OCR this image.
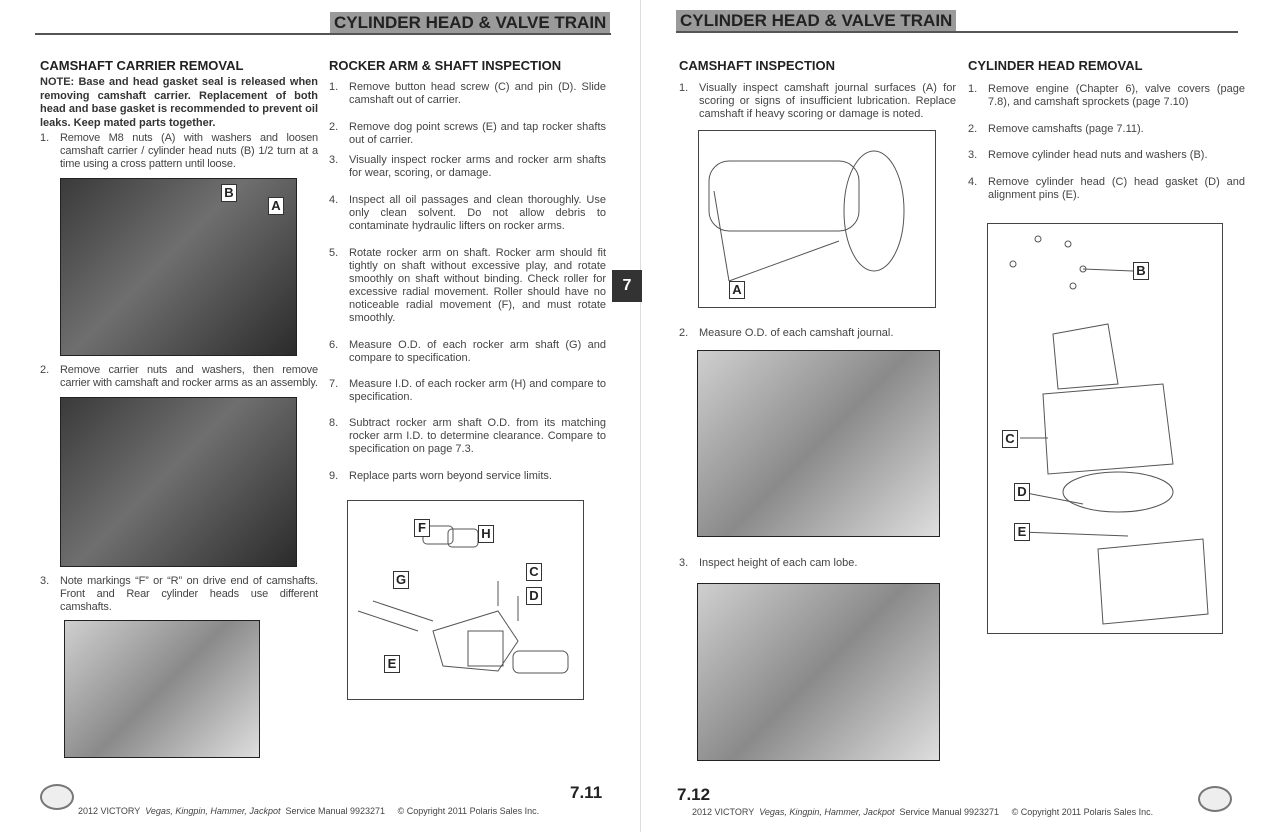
CYLINDER HEAD & VALVE TRAIN	CYLINDER HEAD & VALVE TRAIN
7
CAMSHAFT CARRIER REMOVAL
NOTE: Base and head gasket seal is released when removing camshaft carrier. Replacement of both head and base gasket is recommended to prevent oil leaks. Keep mated parts together.
1. Remove M8 nuts (A) with washers and loosen camshaft carrier / cylinder head nuts (B) 1/2 turn at a time using a cross pattern until loose.
B
A
2. Remove carrier nuts and washers, then remove carrier with camshaft and rocker arms as an assembly.
3. Note markings “F” or “R” on drive end of camshafts. Front and Rear cylinder heads use different camshafts.
ROCKER ARM & SHAFT INSPECTION
1. Remove button head screw (C) and pin (D). Slide camshaft out of carrier.
2. Remove dog point screws (E) and tap rocker shafts out of carrier.
3. Visually inspect rocker arms and rocker arm shafts for wear, scoring, or damage.
4. Inspect all oil passages and clean thoroughly. Use only clean solvent. Do not allow debris to contaminate hydraulic lifters on rocker arms.
5. Rotate rocker arm on shaft. Rocker arm should fit tightly on shaft without excessive play, and rotate smoothly on shaft without binding. Check roller for excessive radial movement. Roller should have no noticeable radial movement (F), and must rotate smoothly.
6. Measure O.D. of each rocker arm shaft (G) and compare to specification.
7. Measure I.D. of each rocker arm (H) and compare to specification.
8. Subtract rocker arm shaft O.D. from its matching rocker arm I.D. to determine clearance. Compare to specification on page 7.3.
9. Replace parts worn beyond service limits.
F	H
G
C
D
E
7.11
2012 VICTORY Vegas, Kingpin, Hammer, Jackpot Service Manual 9923271 © Copyright 2011 Polaris Sales Inc.
CAMSHAFT INSPECTION
1. Visually inspect camshaft journal surfaces (A) for scoring or signs of insufficient lubrication. Replace camshaft if heavy scoring or damage is noted.
A
2. Measure O.D. of each camshaft journal.
3. Inspect height of each cam lobe.
CYLINDER HEAD REMOVAL
1. Remove engine (Chapter 6), valve covers (page 7.8), and camshaft sprockets (page 7.10)
2. Remove camshafts (page 7.11).
3. Remove cylinder head nuts and washers (B).
4. Remove cylinder head (C) head gasket (D) and alignment pins (E).
B
C
D
E
7.12
2012 VICTORY Vegas, Kingpin, Hammer, Jackpot Service Manual 9923271 © Copyright 2011 Polaris Sales Inc.
